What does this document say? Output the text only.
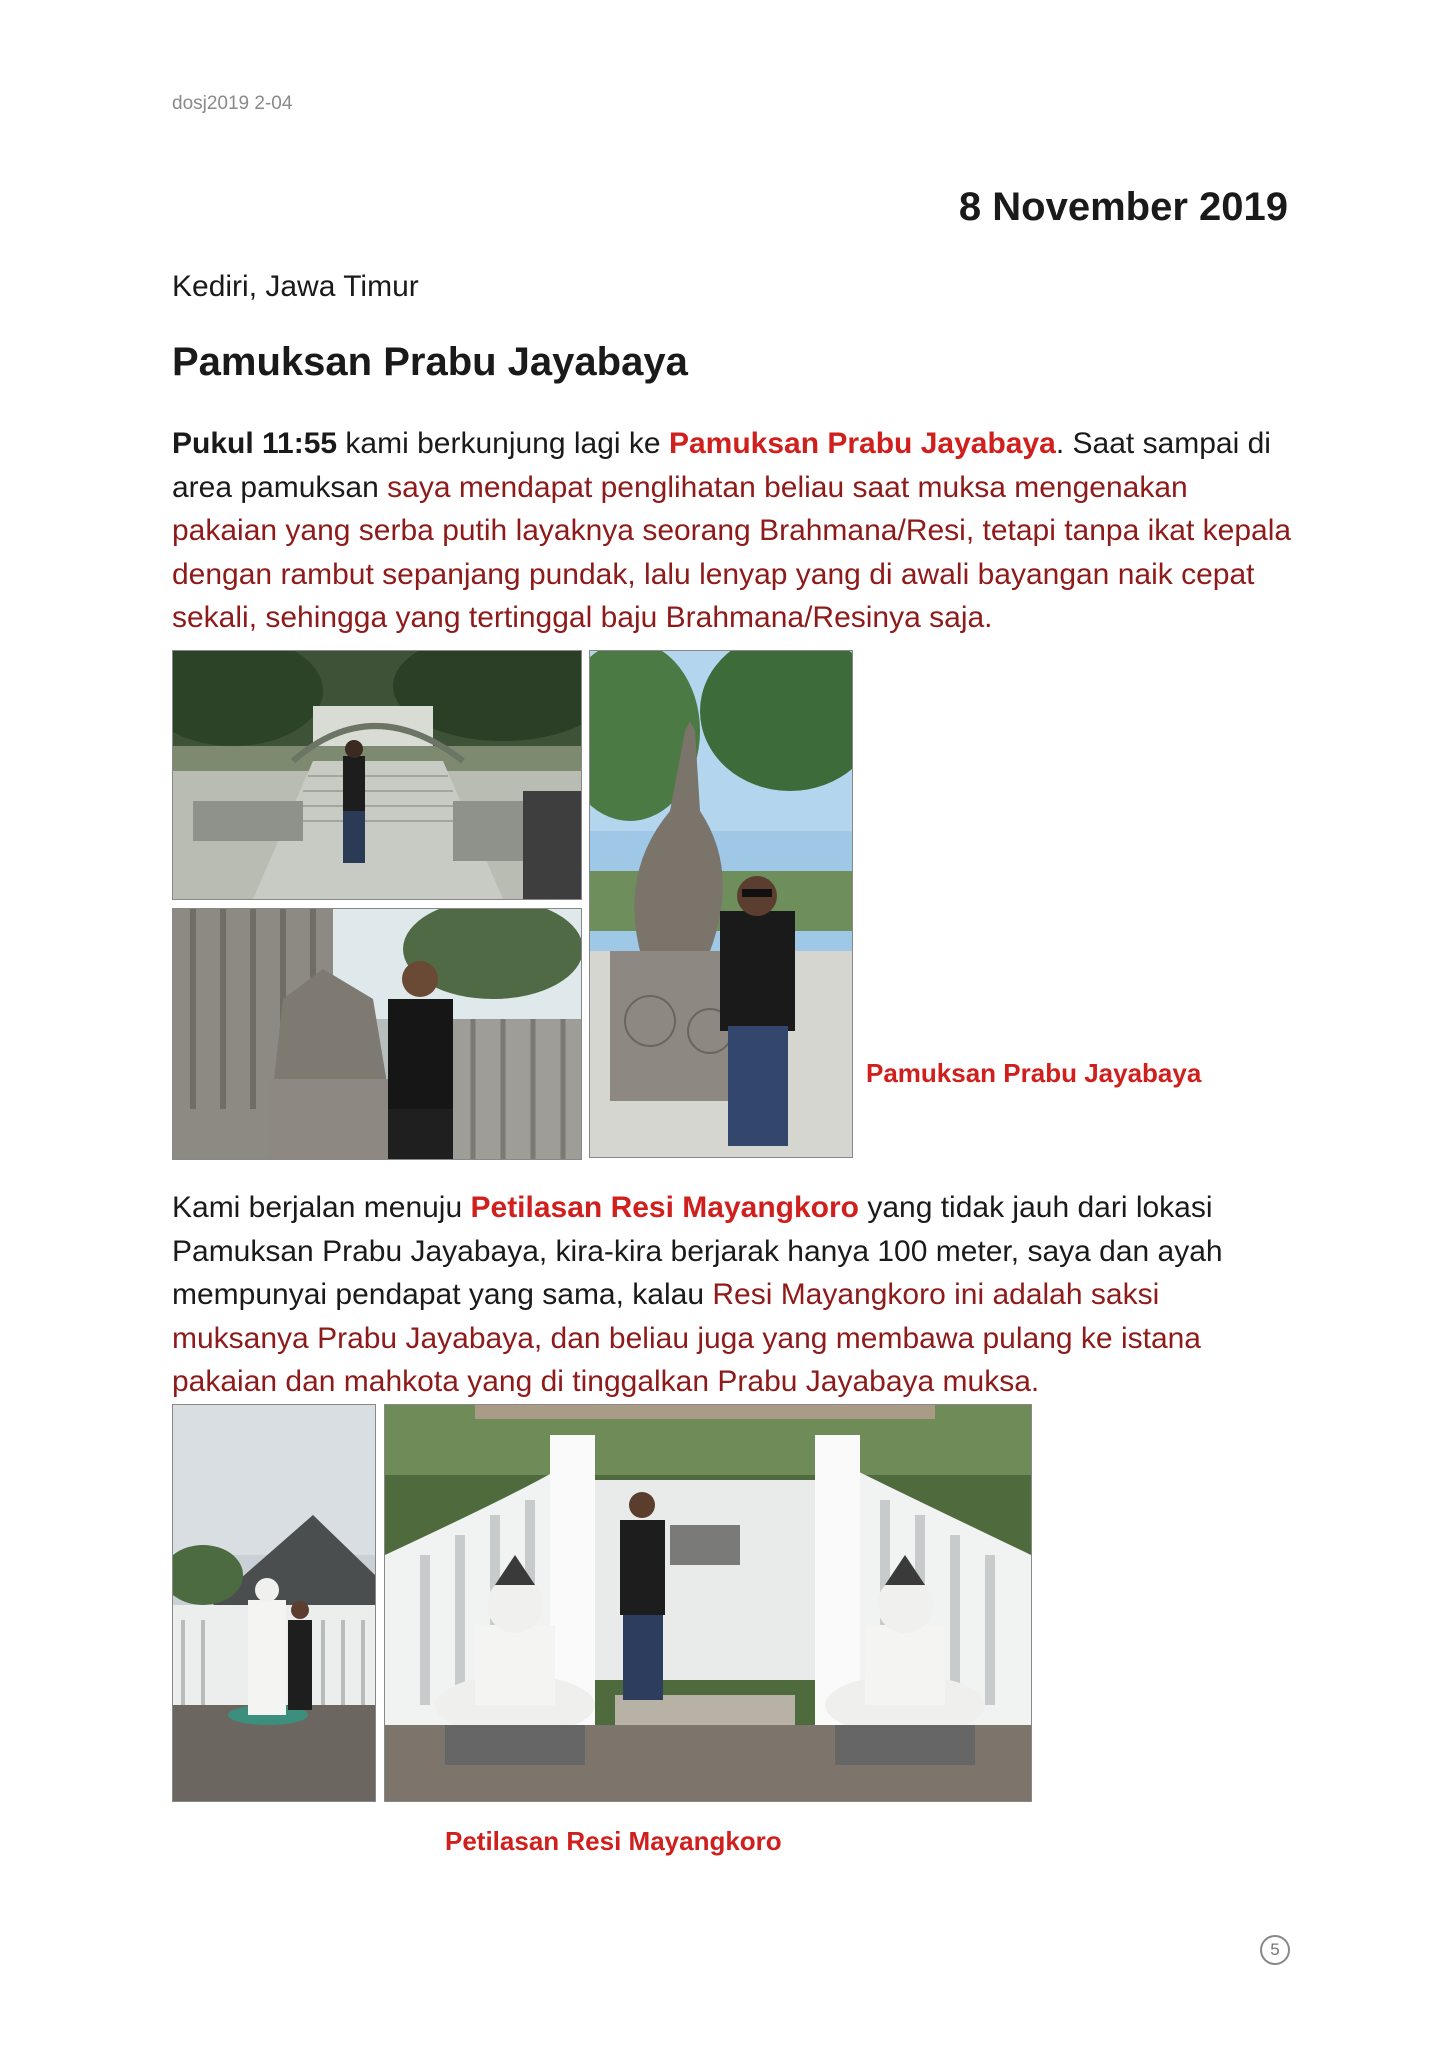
dosj2019 2-04
8 November 2019
Kediri, Jawa Timur
Pamuksan Prabu Jayabaya
Pukul 11:55 kami berkunjung lagi ke Pamuksan Prabu Jayabaya. Saat sampai di area pamuksan saya mendapat penglihatan beliau saat muksa mengenakan pakaian yang serba putih layaknya seorang Brahmana/Resi, tetapi tanpa ikat kepala dengan rambut sepanjang pundak, lalu lenyap yang di awali bayangan naik cepat sekali, sehingga yang tertinggal baju Brahmana/Resinya saja.
Pamuksan Prabu Jayabaya
Kami berjalan menuju Petilasan Resi Mayangkoro yang tidak jauh dari lokasi Pamuksan Prabu Jayabaya, kira-kira berjarak hanya 100 meter, saya dan ayah mempunyai pendapat yang sama, kalau Resi Mayangkoro ini adalah saksi muksanya Prabu Jayabaya, dan beliau juga yang membawa pulang ke istana pakaian dan mahkota yang di tinggalkan Prabu Jayabaya muksa.
Petilasan Resi Mayangkoro
5
